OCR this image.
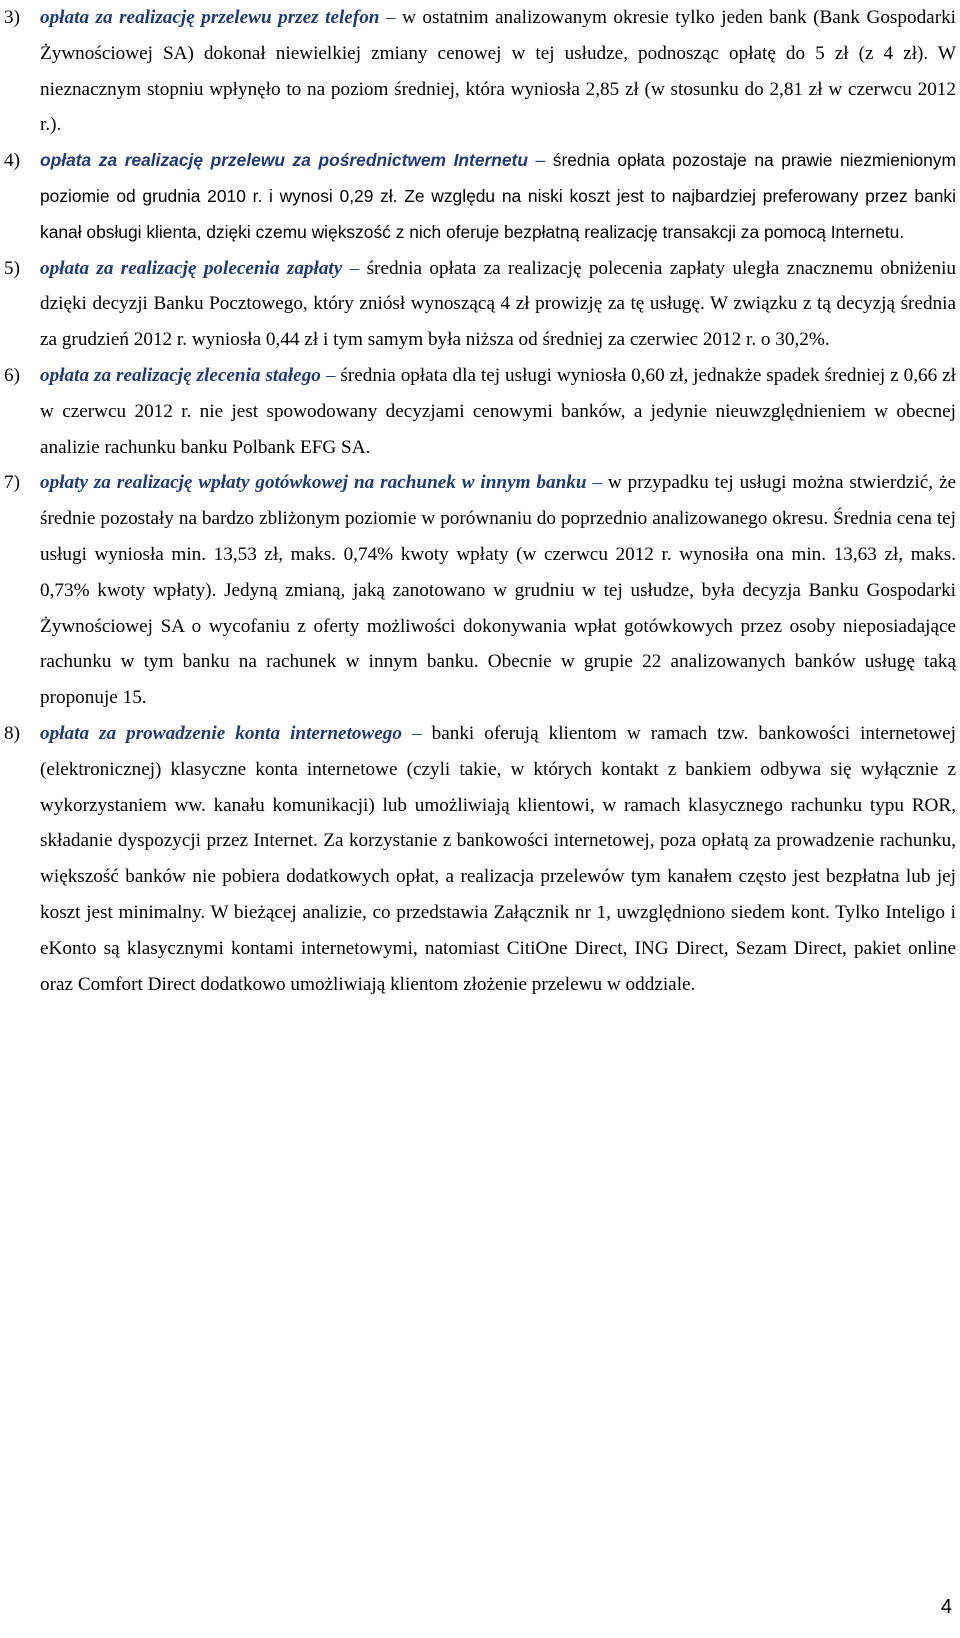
3)	opłata za realizację przelewu przez telefon – w ostatnim analizowanym okresie tylko jeden bank (Bank Gospodarki Żywnościowej SA) dokonał niewielkiej zmiany cenowej w tej usłudze, podnosząc opłatę do 5 zł (z 4 zł). W nieznacznym stopniu wpłynęło to na poziom średniej, która wyniosła 2,85 zł (w stosunku do 2,81 zł w czerwcu 2012 r.).
4)	opłata za realizację przelewu za pośrednictwem Internetu – średnia opłata pozostaje na prawie niezmienionym poziomie od grudnia 2010 r. i wynosi 0,29 zł. Ze względu na niski koszt jest to najbardziej preferowany przez banki kanał obsługi klienta, dzięki czemu większość z nich oferuje bezpłatną realizację transakcji za pomocą Internetu.
5)	opłata za realizację polecenia zapłaty – średnia opłata za realizację polecenia zapłaty uległa znacznemu obniżeniu dzięki decyzji Banku Pocztowego, który zniósł wynoszącą 4 zł prowizję za tę usługę. W związku z tą decyzją średnia za grudzień 2012 r. wyniosła 0,44 zł i tym samym była niższa od średniej za czerwiec 2012 r. o 30,2%.
6)	opłata za realizację zlecenia stałego – średnia opłata dla tej usługi wyniosła 0,60 zł, jednakże spadek średniej z 0,66 zł w czerwcu 2012 r. nie jest spowodowany decyzjami cenowymi banków, a jedynie nieuwzględnieniem w obecnej analizie rachunku banku Polbank EFG SA.
7)	opłaty za realizację wpłaty gotówkowej na rachunek w innym banku – w przypadku tej usługi można stwierdzić, że średnie pozostały na bardzo zbliżonym poziomie w porównaniu do poprzednio analizowanego okresu. Średnia cena tej usługi wyniosła min. 13,53 zł, maks. 0,74% kwoty wpłaty (w czerwcu 2012 r. wynosiła ona min. 13,63 zł, maks. 0,73% kwoty wpłaty). Jedyną zmianą, jaką zanotowano w grudniu w tej usłudze, była decyzja Banku Gospodarki Żywnościowej SA o wycofaniu z oferty możliwości dokonywania wpłat gotówkowych przez osoby nieposiadające rachunku w tym banku na rachunek w innym banku. Obecnie w grupie 22 analizowanych banków usługę taką proponuje 15.
8)	opłata za prowadzenie konta internetowego – banki oferują klientom w ramach tzw. bankowości internetowej (elektronicznej) klasyczne konta internetowe (czyli takie, w których kontakt z bankiem odbywa się wyłącznie z wykorzystaniem ww. kanału komunikacji) lub umożliwiają klientowi, w ramach klasycznego rachunku typu ROR, składanie dyspozycji przez Internet. Za korzystanie z bankowości internetowej, poza opłatą za prowadzenie rachunku, większość banków nie pobiera dodatkowych opłat, a realizacja przelewów tym kanałem często jest bezpłatna lub jej koszt jest minimalny. W bieżącej analizie, co przedstawia Załącznik nr 1, uwzględniono siedem kont. Tylko Inteligo i eKonto są klasycznymi kontami internetowymi, natomiast CitiOne Direct, ING Direct, Sezam Direct, pakiet online oraz Comfort Direct dodatkowo umożliwiają klientom złożenie przelewu w oddziale.
4
